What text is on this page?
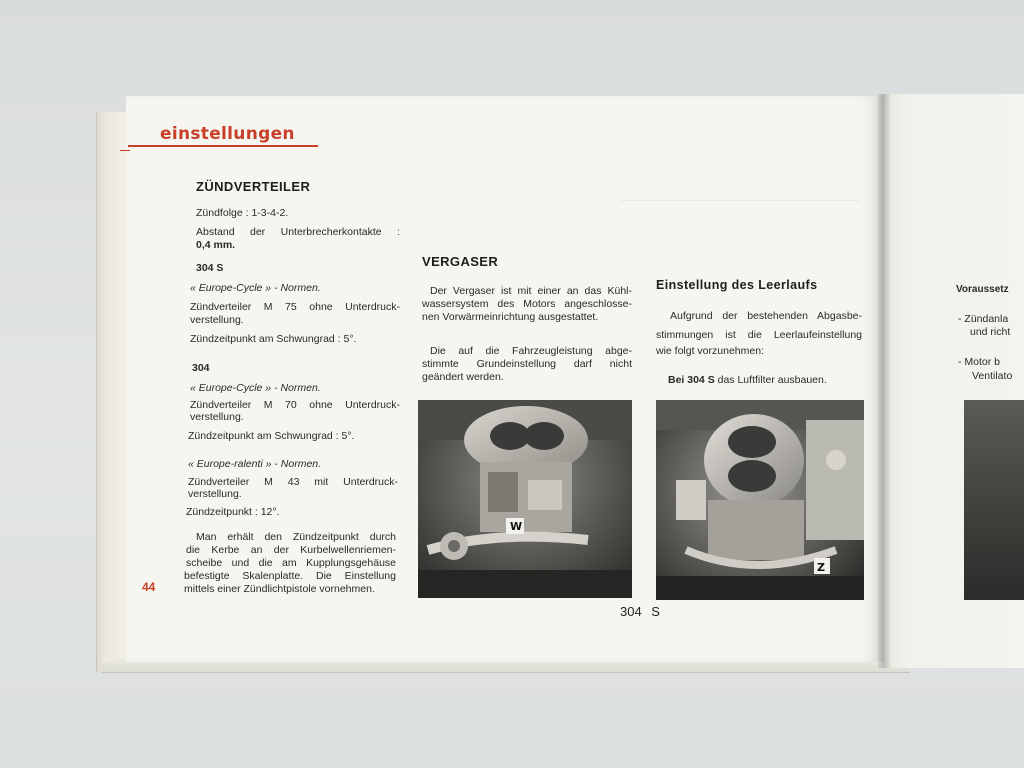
einstellungen
ZÜNDVERTEILER
Zündfolge : 1-3-4-2.
Abstand der Unterbrecherkontakte :
0,4 mm.
304 S
« Europe-Cycle » - Normen.
Zündverteiler M 75 ohne Unterdruck-
verstellung.
Zündzeitpunkt am Schwungrad : 5°.
304
« Europe-Cycle » - Normen.
Zündverteiler M 70 ohne Unterdruck-
verstellung.
Zündzeitpunkt am Schwungrad : 5°.
« Europe-ralenti » - Normen.
Zündverteiler M 43 mit Unterdruck-
verstellung.
Zündzeitpunkt : 12°.
Man erhält den Zündzeitpunkt durch
die Kerbe an der Kurbelwellenriemen-
scheibe und die am Kupplungsgehäuse
befestigte Skalenplatte. Die Einstellung
mittels einer Zündlichtpistole vornehmen.
44
VERGASER
Der Vergaser ist mit einer an das Kühl-
wassersystem des Motors angeschlosse-
nen Vorwärmeinrichtung ausgestattet.
Die auf die Fahrzeugleistung abge-
stimmte Grundeinstellung darf nicht
geändert werden.
W
Einstellung des Leerlaufs
Aufgrund der bestehenden Abgasbe-
stimmungen ist die Leerlaufeinstellung
wie folgt vorzunehmen:
Bei 304 S das Luftfilter ausbauen.
Z
304 S
Voraussetz
- Zündanla
und richt
- Motor b
Ventilato
